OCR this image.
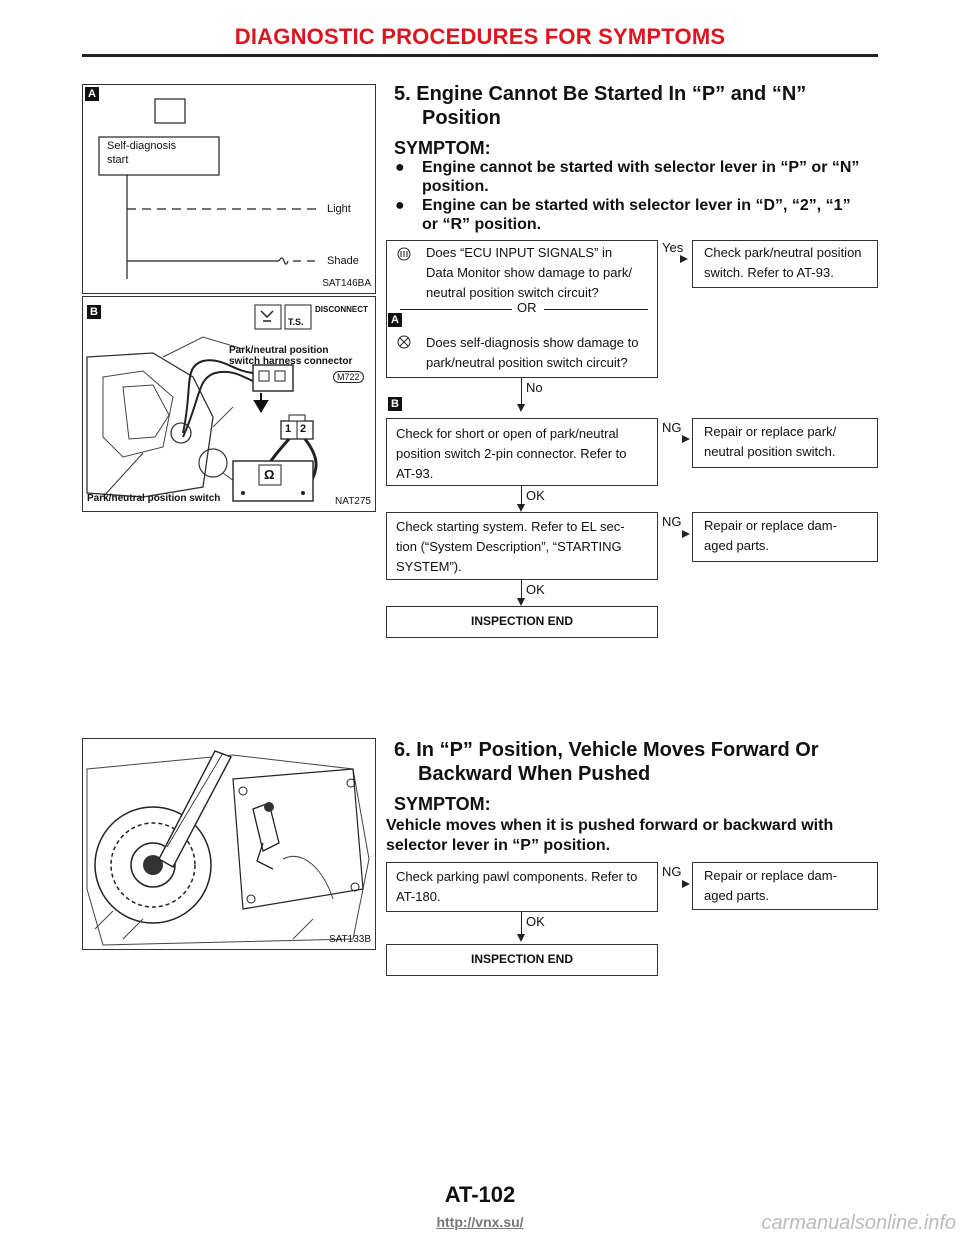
DIAGNOSTIC PROCEDURES FOR SYMPTOMS
A
Self-diagnosis
start
Light
Shade
SAT146BA
B	DISCONNECT
T.S.
Park/neutral position
switch harness connector
M722
1 2
Ω
Park/neutral position switch	NAT275
SAT133B
5. Engine Cannot Be Started In “P” and “N”
Position
SYMPTOM:
● Engine cannot be started with selector lever in “P” or “N”
position.
● Engine can be started with selector lever in “D”, “2”, “1”
or “R” position.
Does “ECU INPUT SIGNALS” in
Data Monitor show damage to park/
neutral position switch circuit?
OR
A
Does self-diagnosis show damage to
park/neutral position switch circuit?
Yes Check park/neutral position
switch. Refer to AT-93.
No
B
Check for short or open of park/neutral
position switch 2-pin connector. Refer to
AT-93.
NG Repair or replace park/
neutral position switch.
OK
Check starting system. Refer to EL sec-
tion (“System Description”, “STARTING
SYSTEM”).
NG Repair or replace dam-
aged parts.
OK
INSPECTION END
6. In “P” Position, Vehicle Moves Forward Or
Backward When Pushed
SYMPTOM:
Vehicle moves when it is pushed forward or backward with
selector lever in “P” position.
Check parking pawl components. Refer to
AT-180.
NG Repair or replace dam-
aged parts.
OK
INSPECTION END
AT-102
http://vnx.su/	carmanualsonline.info
